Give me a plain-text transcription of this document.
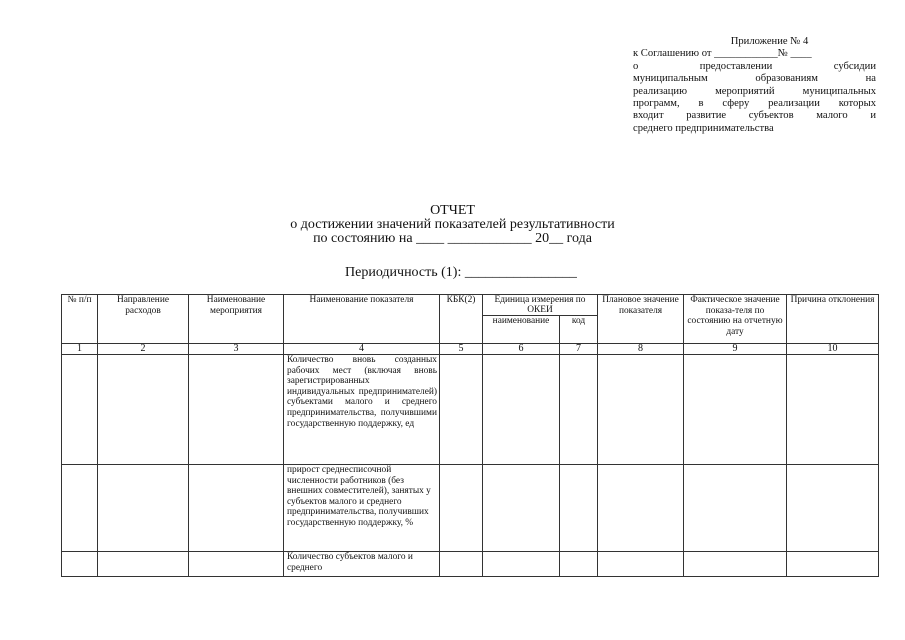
Приложение № 4
к Соглашению от ____________№ ____
о предоставлении субсидии
муниципальным образованиям на
реализацию мероприятий муниципальных
программ, в сферу реализации которых
входит развитие субъектов малого и
среднего предпринимательства
ОТЧЕТ
о достижении значений показателей результативности
по состоянию на ____ ____________ 20__ года
Периодичность (1): ________________
№ п/п	Направление расходов	Наименование мероприятия	Наименование показателя	КБК(2)	Единица измерения по ОКЕИ		Плановое значение показателя	Фактическое значение показа-теля по состоянию на отчетную дату	Причина отклонения
					наименование	код			
1	2	3	4	5	6	7	8	9	10
			Количество вновь созданных рабочих мест (включая вновь зарегистрированных индивидуальных предпринимателей) субъектами малого и среднего предпринимательства, получившими государственную поддержку, ед						
			прирост среднесписочной численности работников (без внешних совместителей), занятых у субъектов малого и среднего предпринимательства, получивших государственную поддержку, %						
			Количество субъектов малого и среднего						
